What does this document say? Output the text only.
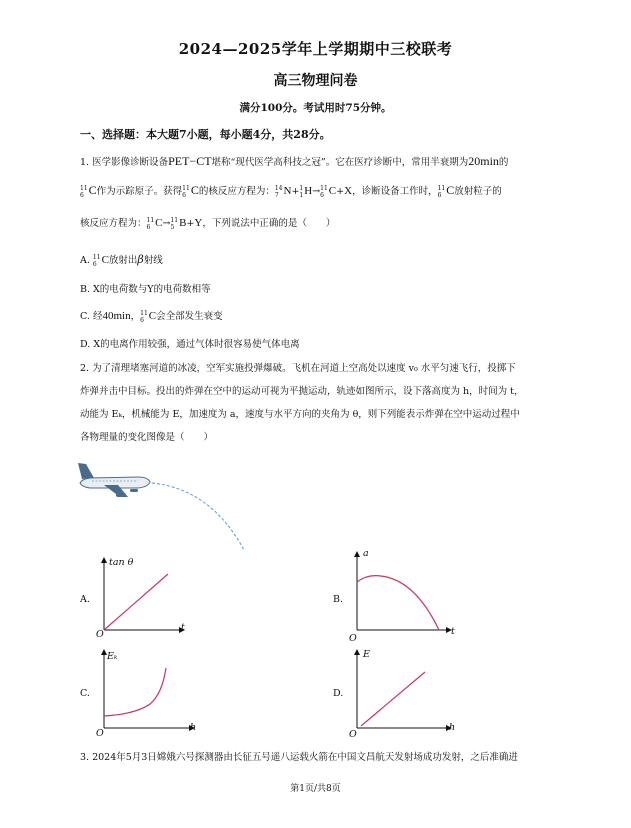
2024—2025学年上学期期中三校联考
高三物理问卷
满分100分。考试用时75分钟。
一、选择题：本大题7小题，每小题4分，共28分。
1. 医学影像诊断设备PET−CT堪称“现代医学高科技之冠”。它在医疗诊断中，常用半衰期为20min的
11
6 C作为示踪原子。获得 11
6 C的核反应方程为： 14
7 N+ 1
1 H→ 11
6 C+X，诊断设备工作时， 11
6 C放射粒子的
核反应方程为： 11
6 C→ 11
5 B+Y，下列说法中正确的是（　　）
A. 11
6 C放射出β射线
B. X的电荷数与Y的电荷数相等
C. 经40min， 11
6 C会全部发生衰变
D. X的电离作用较强，通过气体时很容易使气体电离
2. 为了清理堵塞河道的冰凌，空军实施投弹爆破。飞机在河道上空高处以速度 v₀ 水平匀速飞行，投掷下
炸弹并击中目标。投出的炸弹在空中的运动可视为平抛运动，轨迹如图所示，设下落高度为 h，时间为 t，
动能为 Eₖ，机械能为 E，加速度为 a，速度与水平方向的夹角为 θ，则下列能表示炸弹在空中运动过程中
各物理量的变化图像是（　　）
A.
tan θ
t
O
B.
a
t
O
C.
Eₖ
h
O
D.
E
h
O
3. 2024年5月3日嫦娥六号探测器由长征五号遥八运载火箭在中国文昌航天发射场成功发射，之后准确进
第1页/共8页
